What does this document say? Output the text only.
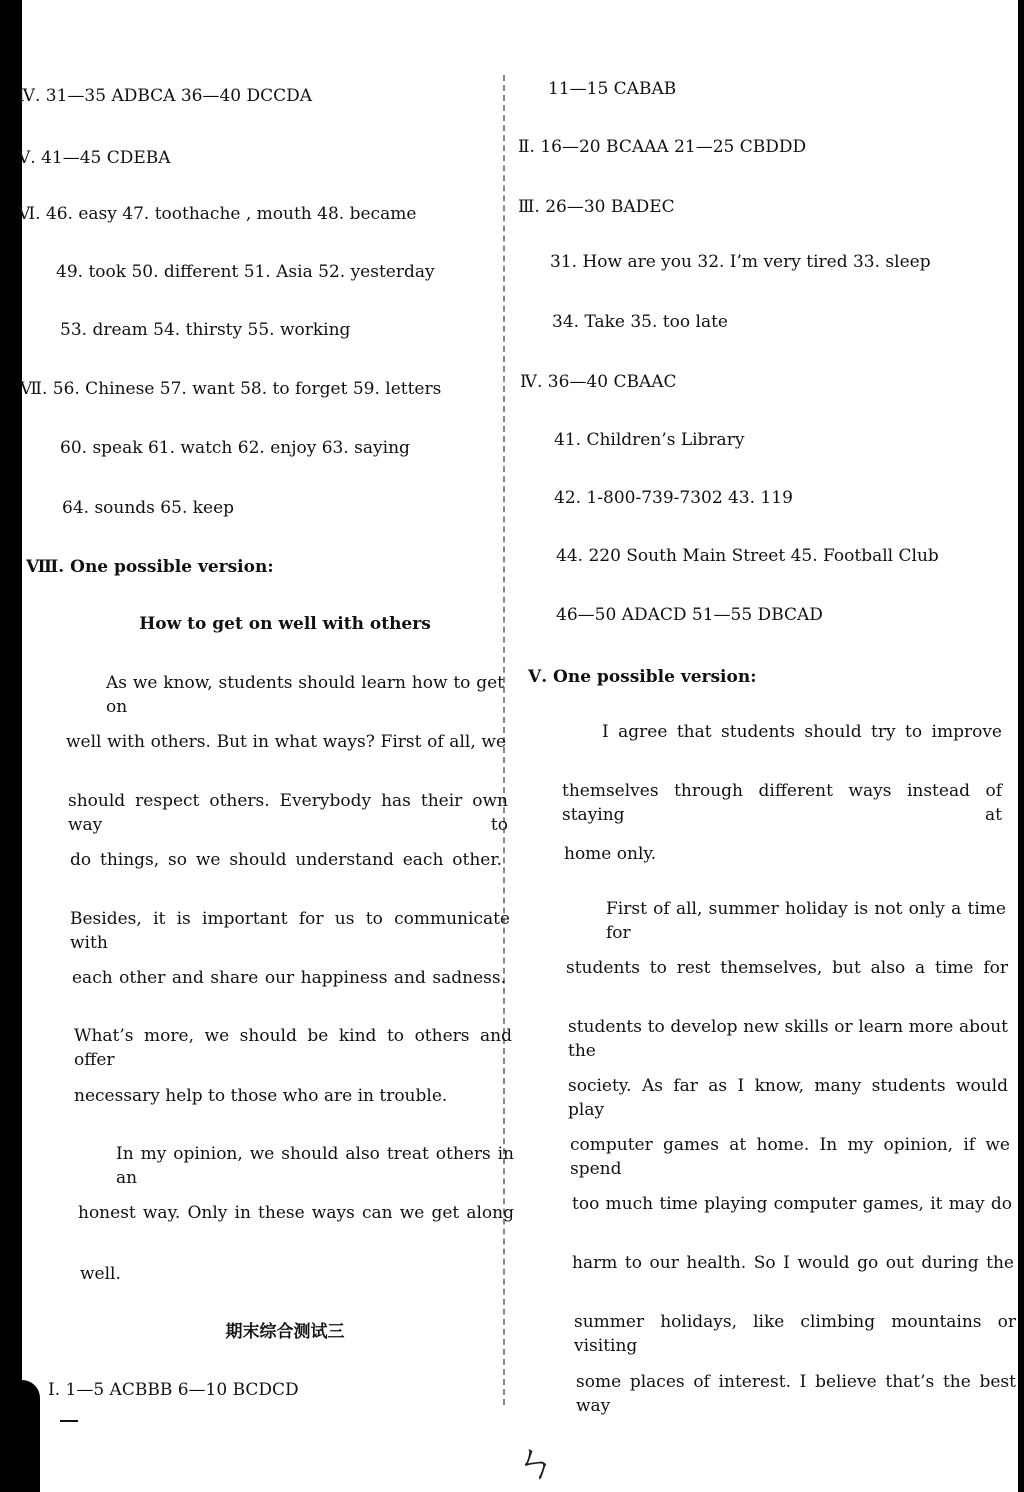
Ⅳ. 31—35 ADBCA 36—40 DCCDA
Ⅴ. 41—45 CDEBA
Ⅵ. 46. easy 47. toothache , mouth 48. became
49. took 50. different 51. Asia 52. yesterday
53. dream 54. thirsty 55. working
Ⅶ. 56. Chinese 57. want 58. to forget 59. letters
60. speak 61. watch 62. enjoy 63. saying
64. sounds 65. keep
Ⅷ. One possible version:
How to get on well with others
As we know, students should learn how to get on
well with others. But in what ways? First of all, we
should respect others. Everybody has their own way to
do things, so we should understand each other.
Besides, it is important for us to communicate with
each other and share our happiness and sadness.
What’s more, we should be kind to others and offer
necessary help to those who are in trouble.
In my opinion, we should also treat others in an
honest way. Only in these ways can we get along
well.
期末综合测试三
Ⅰ. 1—5 ACBBB 6—10 BCDCD
11—15 CABAB
Ⅱ. 16—20 BCAAA 21—25 CBDDD
Ⅲ. 26—30 BADEC
31. How are you 32. I’m very tired 33. sleep
34. Take 35. too late
Ⅳ. 36—40 CBAAC
41. Children’s Library
42. 1-800-739-7302 43. 119
44. 220 South Main Street 45. Football Club
46—50 ADACD 51—55 DBCAD
Ⅴ. One possible version:
I agree that students should try to improve
themselves through different ways instead of staying at
home only.
First of all, summer holiday is not only a time for
students to rest themselves, but also a time for
students to develop new skills or learn more about the
society. As far as I know, many students would play
computer games at home. In my opinion, if we spend
too much time playing computer games, it may do
harm to our health. So I would go out during the
summer holidays, like climbing mountains or visiting
some places of interest. I believe that’s the best way
ㄣ
